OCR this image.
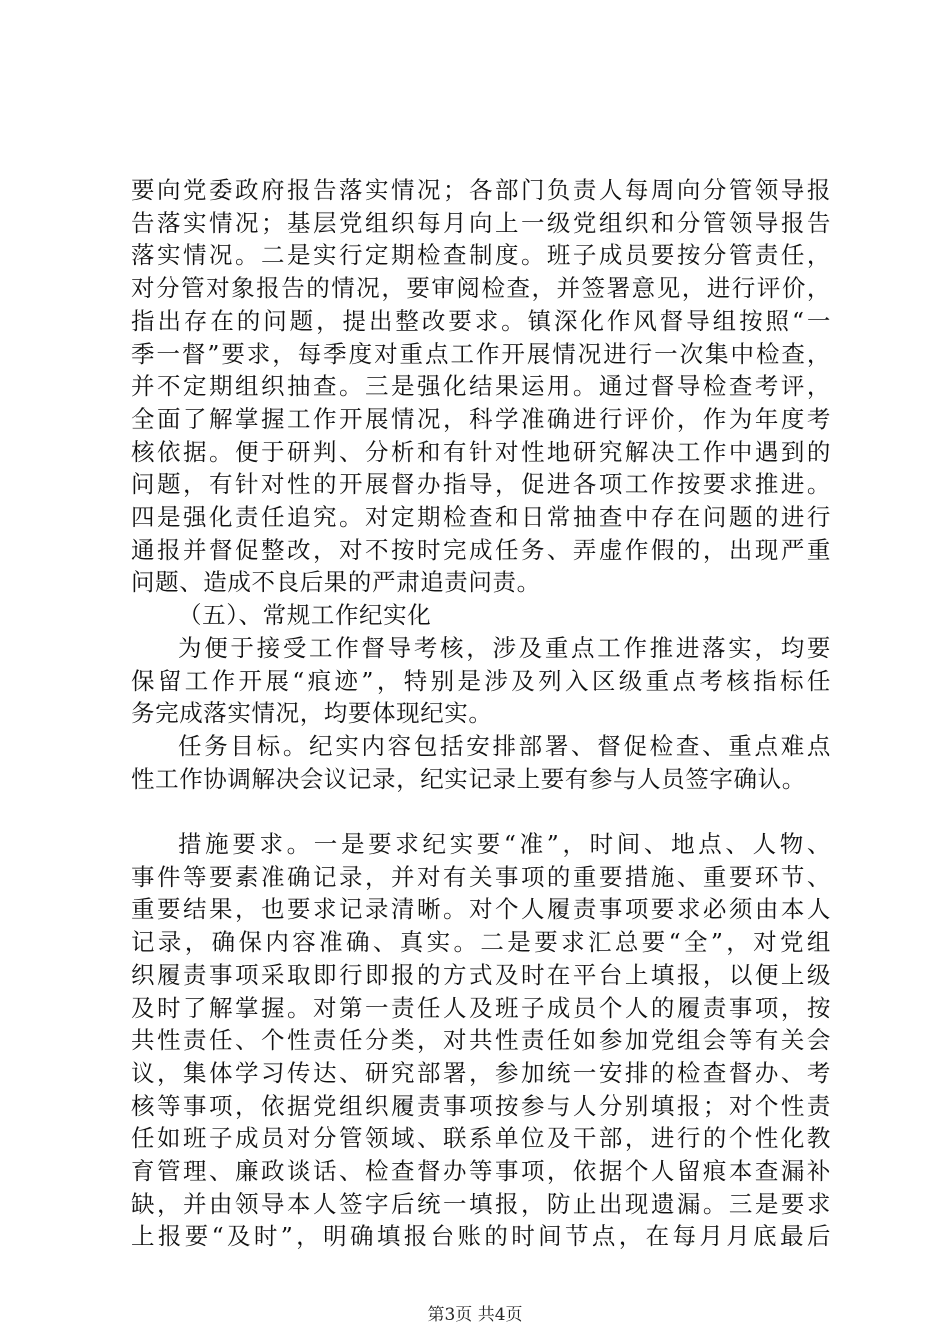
要向党委政府报告落实情况；各部门负责人每周向分管领导报
告落实情况；基层党组织每月向上一级党组织和分管领导报告
落实情况。二是实行定期检查制度。班子成员要按分管责任，
对分管对象报告的情况，要审阅检查，并签署意见，进行评价，
指出存在的问题，提出整改要求。镇深化作风督导组按照“一
季一督”要求，每季度对重点工作开展情况进行一次集中检查，
并不定期组织抽查。三是强化结果运用。通过督导检查考评，
全面了解掌握工作开展情况，科学准确进行评价，作为年度考
核依据。便于研判、分析和有针对性地研究解决工作中遇到的
问题，有针对性的开展督办指导，促进各项工作按要求推进。
四是强化责任追究。对定期检查和日常抽查中存在问题的进行
通报并督促整改，对不按时完成任务、弄虚作假的，出现严重
问题、造成不良后果的严肃追责问责。
（五）、常规工作纪实化
为便于接受工作督导考核，涉及重点工作推进落实，均要
保留工作开展“痕迹”，特别是涉及列入区级重点考核指标任
务完成落实情况，均要体现纪实。
任务目标。纪实内容包括安排部署、督促检查、重点难点
性工作协调解决会议记录，纪实记录上要有参与人员签字确认。
措施要求。一是要求纪实要“准”，时间、地点、人物、
事件等要素准确记录，并对有关事项的重要措施、重要环节、
重要结果，也要求记录清晰。对个人履责事项要求必须由本人
记录，确保内容准确、真实。二是要求汇总要“全”，对党组
织履责事项采取即行即报的方式及时在平台上填报，以便上级
及时了解掌握。对第一责任人及班子成员个人的履责事项，按
共性责任、个性责任分类，对共性责任如参加党组会等有关会
议，集体学习传达、研究部署，参加统一安排的检查督办、考
核等事项，依据党组织履责事项按参与人分别填报；对个性责
任如班子成员对分管领域、联系单位及干部，进行的个性化教
育管理、廉政谈话、检查督办等事项，依据个人留痕本查漏补
缺，并由领导本人签字后统一填报，防止出现遗漏。三是要求
上报要“及时”，明确填报台账的时间节点，在每月月底最后
第3页 共4页
